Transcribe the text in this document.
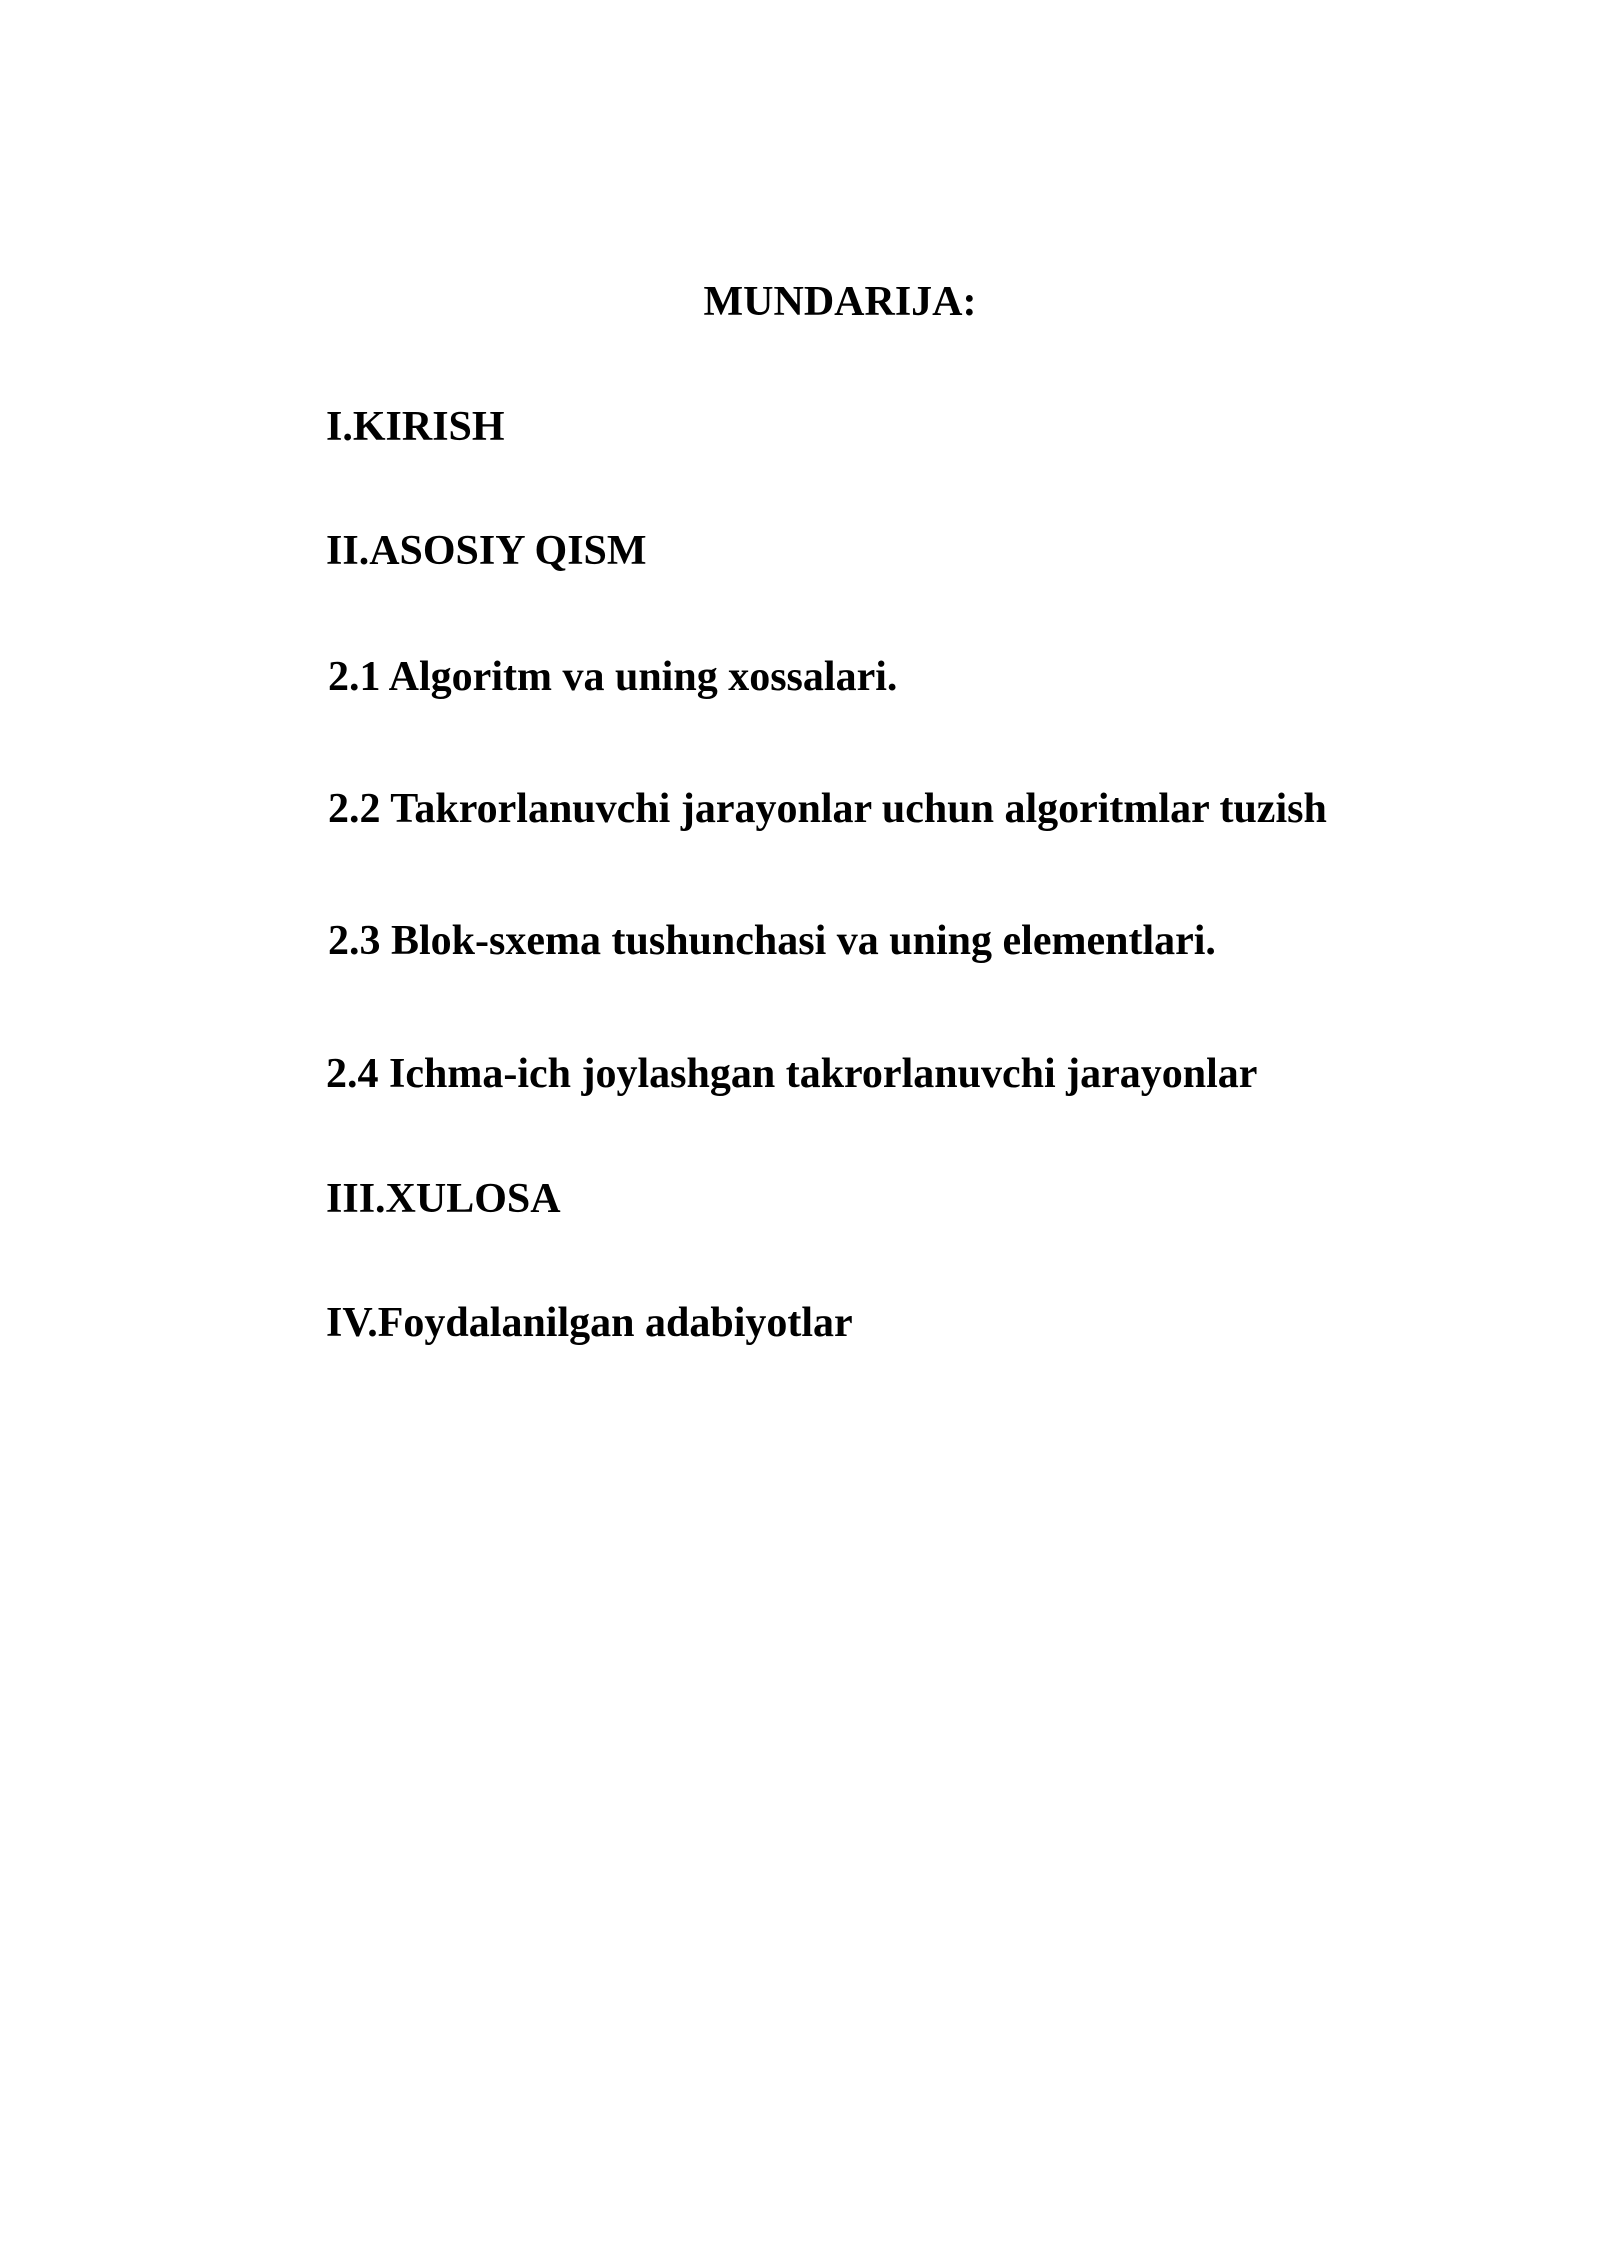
MUNDARIJA:
I.KIRISH
II.ASOSIY QISM
2.1 Algoritm va uning xossalari.
2.2 Takrorlanuvchi jarayonlar uchun algoritmlar tuzish
2.3 Blok-sxema tushunchasi va uning elementlari.
2.4 Ichma-ich joylashgan takrorlanuvchi jarayonlar
III.XULOSA
IV.Foydalanilgan adabiyotlar
